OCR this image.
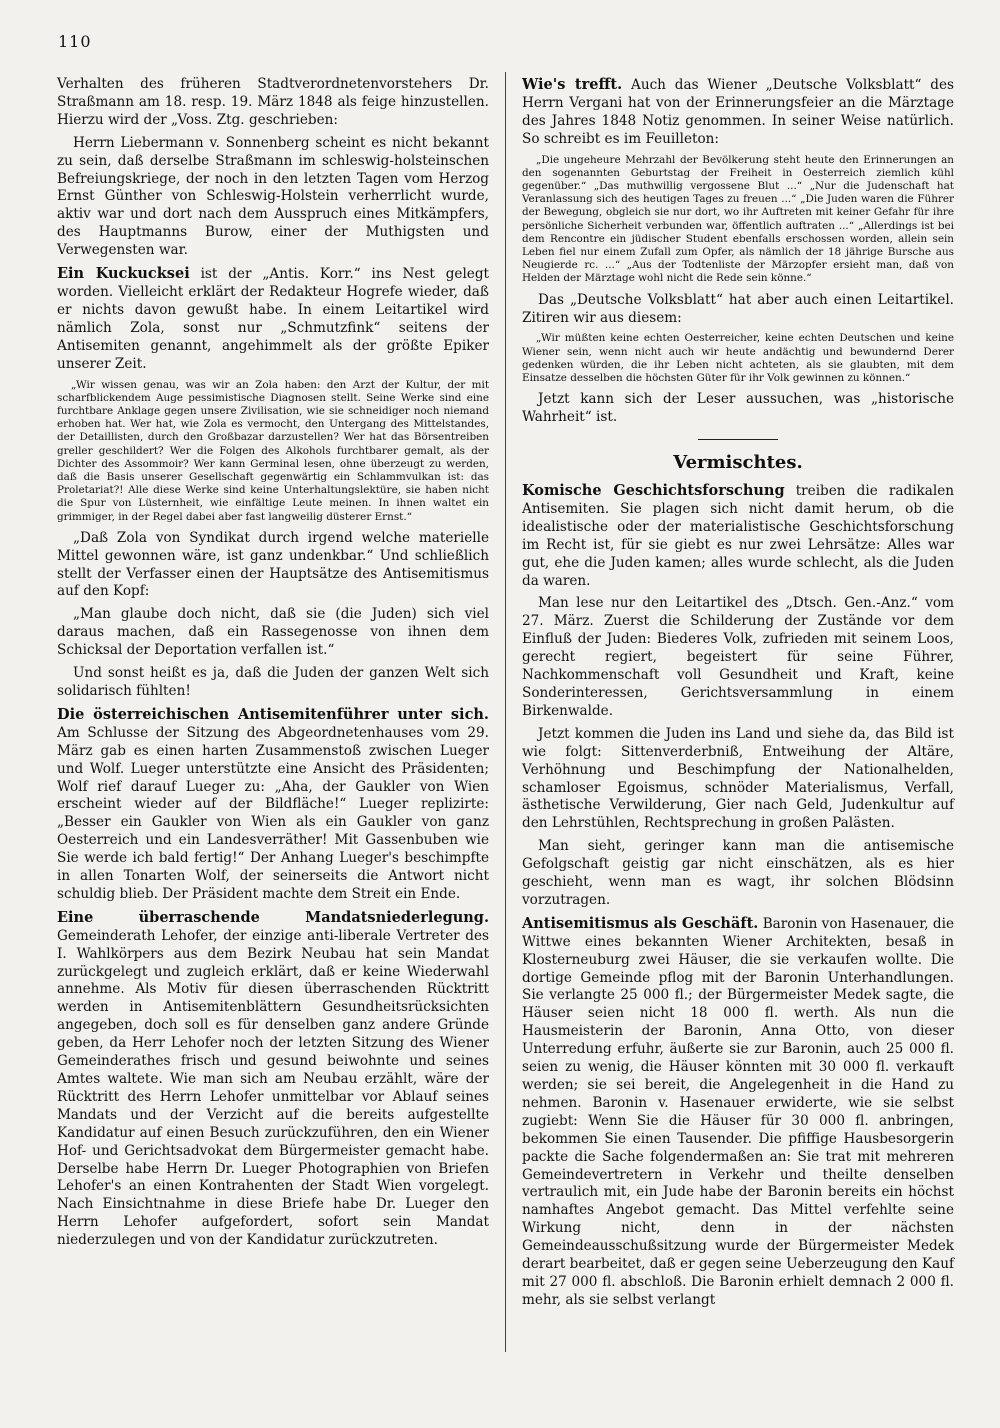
110

Verhalten des früheren Stadtverordnetenvorstehers Dr. Straßmann am 18. resp. 19. März 1848 als feige hinzustellen. Hierzu wird der „Voss. Ztg. geschrieben:

Herrn Liebermann v. Sonnenberg scheint es nicht bekannt zu sein, daß derselbe Straßmann im schleswig-holsteinschen Befreiungskriege, der noch in den letzten Tagen vom Herzog Ernst Günther von Schleswig-Holstein verherrlicht wurde, aktiv war und dort nach dem Ausspruch eines Mitkämpfers, des Hauptmanns Burow, einer der Muthigsten und Verwegensten war.

Ein Kuckucksei ist der „Antis. Korr.“ ins Nest gelegt worden. Vielleicht erklärt der Redakteur Hogrefe wieder, daß er nichts davon gewußt habe. In einem Leitartikel wird nämlich Zola, sonst nur „Schmutzfink“ seitens der Antisemiten genannt, angehimmelt als der größte Epiker unserer Zeit.

„Wir wissen genau, was wir an Zola haben: den Arzt der Kultur, der mit scharfblickendem Auge pessimistische Diagnosen stellt. Seine Werke sind eine furchtbare Anklage gegen unsere Zivilisation, wie sie schneidiger noch niemand erhoben hat. Wer hat, wie Zola es vermocht, den Untergang des Mittelstandes, der Detaillisten, durch den Großbazar darzustellen? Wer hat das Börsentreiben greller geschildert? Wer die Folgen des Alkohols furchtbarer gemalt, als der Dichter des Assommoir? Wer kann Germinal lesen, ohne überzeugt zu werden, daß die Basis unserer Gesellschaft gegenwärtig ein Schlammvulkan ist: das Proletariat?! Alle diese Werke sind keine Unterhaltungslektüre, sie haben nicht die Spur von Lüsternheit, wie einfältige Leute meinen. In ihnen waltet ein grimmiger, in der Regel dabei aber fast langweilig düsterer Ernst.“

„Daß Zola von Syndikat durch irgend welche materielle Mittel gewonnen wäre, ist ganz undenkbar.“ Und schließlich stellt der Verfasser einen der Hauptsätze des Antisemitismus auf den Kopf:

„Man glaube doch nicht, daß sie (die Juden) sich viel daraus machen, daß ein Rassegenosse von ihnen dem Schicksal der Deportation verfallen ist.“

Und sonst heißt es ja, daß die Juden der ganzen Welt sich solidarisch fühlten!

Die österreichischen Antisemitenführer unter sich. Am Schlusse der Sitzung des Abgeordnetenhauses vom 29. März gab es einen harten Zusammenstoß zwischen Lueger und Wolf. Lueger unterstützte eine Ansicht des Präsidenten; Wolf rief darauf Lueger zu: „Aha, der Gaukler von Wien erscheint wieder auf der Bildfläche!“ Lueger replizirte: „Besser ein Gaukler von Wien als ein Gaukler von ganz Oesterreich und ein Landesverräther! Mit Gassenbuben wie Sie werde ich bald fertig!“ Der Anhang Lueger's beschimpfte in allen Tonarten Wolf, der seinerseits die Antwort nicht schuldig blieb. Der Präsident machte dem Streit ein Ende.

Eine überraschende Mandatsniederlegung. Gemeinderath Lehofer, der einzige anti-liberale Vertreter des I. Wahlkörpers aus dem Bezirk Neubau hat sein Mandat zurückgelegt und zugleich erklärt, daß er keine Wiederwahl annehme. Als Motiv für diesen überraschenden Rücktritt werden in Antisemitenblättern Gesundheitsrücksichten angegeben, doch soll es für denselben ganz andere Gründe geben, da Herr Lehofer noch der letzten Sitzung des Wiener Gemeinderathes frisch und gesund beiwohnte und seines Amtes waltete. Wie man sich am Neubau erzählt, wäre der Rücktritt des Herrn Lehofer unmittelbar vor Ablauf seines Mandats und der Verzicht auf die bereits aufgestellte Kandidatur auf einen Besuch zurückzuführen, den ein Wiener Hof- und Gerichtsadvokat dem Bürgermeister gemacht habe. Derselbe habe Herrn Dr. Lueger Photographien von Briefen Lehofer's an einen Kontrahenten der Stadt Wien vorgelegt. Nach Einsichtnahme in diese Briefe habe Dr. Lueger den Herrn Lehofer aufgefordert, sofort sein Mandat niederzulegen und von der Kandidatur zurückzutreten.

Wie's trefft. Auch das Wiener „Deutsche Volksblatt“ des Herrn Vergani hat von der Erinnerungsfeier an die Märztage des Jahres 1848 Notiz genommen. In seiner Weise natürlich. So schreibt es im Feuilleton:

„Die ungeheure Mehrzahl der Bevölkerung steht heute den Erinnerungen an den sogenannten Geburtstag der Freiheit in Oesterreich ziemlich kühl gegenüber.“ „Das muthwillig vergossene Blut ...“ „Nur die Judenschaft hat Veranlassung sich des heutigen Tages zu freuen ...“ „Die Juden waren die Führer der Bewegung, obgleich sie nur dort, wo ihr Auftreten mit keiner Gefahr für ihre persönliche Sicherheit verbunden war, öffentlich auftraten ...“ „Allerdings ist bei dem Rencontre ein jüdischer Student ebenfalls erschossen worden, allein sein Leben fiel nur einem Zufall zum Opfer, als nämlich der 18 jährige Bursche aus Neugierde rc. ...“ „Aus der Todtenliste der Märzopfer ersieht man, daß von Helden der Märztage wohl nicht die Rede sein könne.“

Das „Deutsche Volksblatt“ hat aber auch einen Leitartikel. Zitiren wir aus diesem:

„Wir müßten keine echten Oesterreicher, keine echten Deutschen und keine Wiener sein, wenn nicht auch wir heute andächtig und bewundernd Derer gedenken würden, die ihr Leben nicht achteten, als sie glaubten, mit dem Einsatze desselben die höchsten Güter für ihr Volk gewinnen zu können.“

Jetzt kann sich der Leser aussuchen, was „historische Wahrheit“ ist.

Vermischtes.

Komische Geschichtsforschung treiben die radikalen Antisemiten. Sie plagen sich nicht damit herum, ob die idealistische oder der materialistische Geschichtsforschung im Recht ist, für sie giebt es nur zwei Lehrsätze: Alles war gut, ehe die Juden kamen; alles wurde schlecht, als die Juden da waren.

Man lese nur den Leitartikel des „Dtsch. Gen.-Anz.“ vom 27. März. Zuerst die Schilderung der Zustände vor dem Einfluß der Juden: Biederes Volk, zufrieden mit seinem Loos, gerecht regiert, begeistert für seine Führer, Nachkommenschaft voll Gesundheit und Kraft, keine Sonderinteressen, Gerichtsversammlung in einem Birkenwalde.

Jetzt kommen die Juden ins Land und siehe da, das Bild ist wie folgt: Sittenverderbniß, Entweihung der Altäre, Verhöhnung und Beschimpfung der Nationalhelden, schamloser Egoismus, schnöder Materialismus, Verfall, ästhetische Verwilderung, Gier nach Geld, Judenkultur auf den Lehrstühlen, Rechtsprechung in großen Palästen.

Man sieht, geringer kann man die antisemische Gefolgschaft geistig gar nicht einschätzen, als es hier geschieht, wenn man es wagt, ihr solchen Blödsinn vorzutragen.

Antisemitismus als Geschäft. Baronin von Hasenauer, die Wittwe eines bekannten Wiener Architekten, besaß in Klosterneuburg zwei Häuser, die sie verkaufen wollte. Die dortige Gemeinde pflog mit der Baronin Unterhandlungen. Sie verlangte 25 000 fl.; der Bürgermeister Medek sagte, die Häuser seien nicht 18 000 fl. werth. Als nun die Hausmeisterin der Baronin, Anna Otto, von dieser Unterredung erfuhr, äußerte sie zur Baronin, auch 25 000 fl. seien zu wenig, die Häuser könnten mit 30 000 fl. verkauft werden; sie sei bereit, die Angelegenheit in die Hand zu nehmen. Baronin v. Hasenauer erwiderte, wie sie selbst zugiebt: Wenn Sie die Häuser für 30 000 fl. anbringen, bekommen Sie einen Tausender. Die pfiffige Hausbesorgerin packte die Sache folgendermaßen an: Sie trat mit mehreren Gemeindevertretern in Verkehr und theilte denselben vertraulich mit, ein Jude habe der Baronin bereits ein höchst namhaftes Angebot gemacht. Das Mittel verfehlte seine Wirkung nicht, denn in der nächsten Gemeindeausschußsitzung wurde der Bürgermeister Medek derart bearbeitet, daß er gegen seine Ueberzeugung den Kauf mit 27 000 fl. abschloß. Die Baronin erhielt demnach 2 000 fl. mehr, als sie selbst verlangt
